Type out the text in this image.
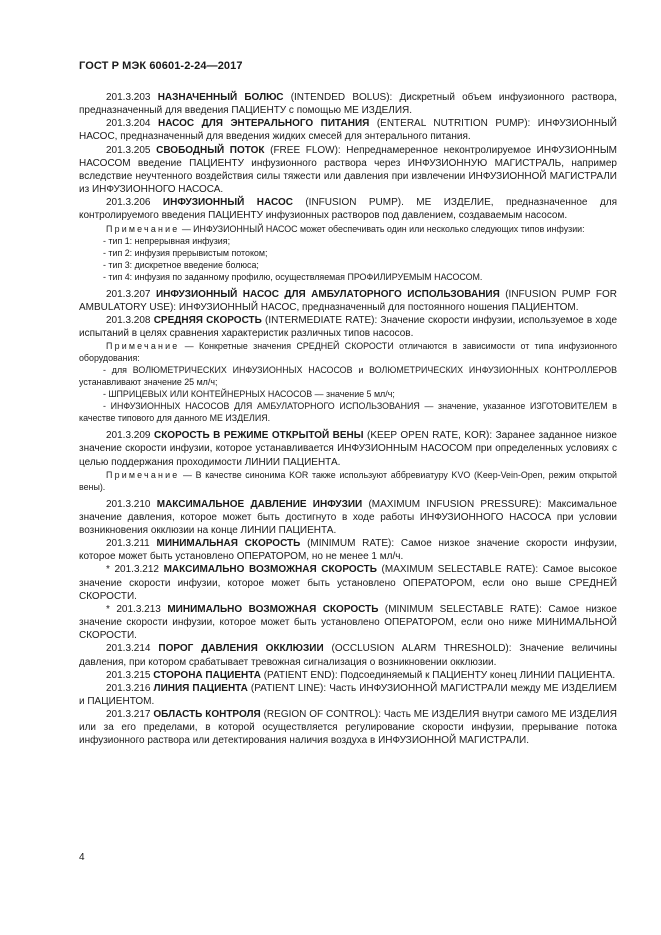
ГОСТ Р МЭК 60601-2-24—2017

201.3.203 НАЗНАЧЕННЫЙ БОЛЮС (INTENDED BOLUS): Дискретный объем инфузионного раствора, предназначенный для введения ПАЦИЕНТУ с помощью МЕ ИЗДЕЛИЯ.

201.3.204 НАСОС ДЛЯ ЭНТЕРАЛЬНОГО ПИТАНИЯ (ENTERAL NUTRITION PUMP): ИНФУЗИОННЫЙ НАСОС, предназначенный для введения жидких смесей для энтерального питания.

201.3.205 СВОБОДНЫЙ ПОТОК (FREE FLOW): Непреднамеренное неконтролируемое ИНФУЗИОННЫМ НАСОСОМ введение ПАЦИЕНТУ инфузионного раствора через ИНФУЗИОННУЮ МАГИСТРАЛЬ, например вследствие неучтенного воздействия силы тяжести или давления при извлечении ИНФУЗИОННОЙ МАГИСТРАЛИ из ИНФУЗИОННОГО НАСОСА.

201.3.206 ИНФУЗИОННЫЙ НАСОС (INFUSION PUMP). МЕ ИЗДЕЛИЕ, предназначенное для контролируемого введения ПАЦИЕНТУ инфузионных растворов под давлением, создаваемым насосом.

Примечание — ИНФУЗИОННЫЙ НАСОС может обеспечивать один или несколько следующих типов инфузии:

- тип 1: непрерывная инфузия;

- тип 2: инфузия прерывистым потоком;

- тип 3: дискретное введение болюса;

- тип 4: инфузия по заданному профилю, осуществляемая ПРОФИЛИРУЕМЫМ НАСОСОМ.

201.3.207 ИНФУЗИОННЫЙ НАСОС ДЛЯ АМБУЛАТОРНОГО ИСПОЛЬЗОВАНИЯ (INFUSION PUMP FOR AMBULATORY USE): ИНФУЗИОННЫЙ НАСОС, предназначенный для постоянного ношения ПАЦИЕНТОМ.

201.3.208 СРЕДНЯЯ СКОРОСТЬ (INTERMEDIATE RATE): Значение скорости инфузии, используемое в ходе испытаний в целях сравнения характеристик различных типов насосов.

Примечание — Конкретные значения СРЕДНЕЙ СКОРОСТИ отличаются в зависимости от типа инфузионного оборудования:

- для ВОЛЮМЕТРИЧЕСКИХ ИНФУЗИОННЫХ НАСОСОВ и ВОЛЮМЕТРИЧЕСКИХ ИНФУЗИОННЫХ КОНТРОЛЛЕРОВ устанавливают значение 25 мл/ч;

- ШПРИЦЕВЫХ ИЛИ КОНТЕЙНЕРНЫХ НАСОСОВ — значение 5 мл/ч;

- ИНФУЗИОННЫХ НАСОСОВ ДЛЯ АМБУЛАТОРНОГО ИСПОЛЬЗОВАНИЯ — значение, указанное ИЗГОТОВИТЕЛЕМ в качестве типового для данного МЕ ИЗДЕЛИЯ.

201.3.209 СКОРОСТЬ В РЕЖИМЕ ОТКРЫТОЙ ВЕНЫ (KEEP OPEN RATE, KOR): Заранее заданное низкое значение скорости инфузии, которое устанавливается ИНФУЗИОННЫМ НАСОСОМ при определенных условиях с целью поддержания проходимости ЛИНИИ ПАЦИЕНТА.

Примечание — В качестве синонима KOR также используют аббревиатуру KVO (Keep-Vein-Open, режим открытой вены).

201.3.210 МАКСИМАЛЬНОЕ ДАВЛЕНИЕ ИНФУЗИИ (MAXIMUM INFUSION PRESSURE): Максимальное значение давления, которое может быть достигнуто в ходе работы ИНФУЗИОННОГО НАСОСА при условии возникновения окклюзии на конце ЛИНИИ ПАЦИЕНТА.

201.3.211 МИНИМАЛЬНАЯ СКОРОСТЬ (MINIMUM RATE): Самое низкое значение скорости инфузии, которое может быть установлено ОПЕРАТОРОМ, но не менее 1 мл/ч.

* 201.3.212 МАКСИМАЛЬНО ВОЗМОЖНАЯ СКОРОСТЬ (MAXIMUM SELECTABLE RATE): Самое высокое значение скорости инфузии, которое может быть установлено ОПЕРАТОРОМ, если оно выше СРЕДНЕЙ СКОРОСТИ.

* 201.3.213 МИНИМАЛЬНО ВОЗМОЖНАЯ СКОРОСТЬ (MINIMUM SELECTABLE RATE): Самое низкое значение скорости инфузии, которое может быть установлено ОПЕРАТОРОМ, если оно ниже МИНИМАЛЬНОЙ СКОРОСТИ.

201.3.214 ПОРОГ ДАВЛЕНИЯ ОККЛЮЗИИ (OCCLUSION ALARM THRESHOLD): Значение величины давления, при котором срабатывает тревожная сигнализация о возникновении окклюзии.

201.3.215 СТОРОНА ПАЦИЕНТА (PATIENT END): Подсоединяемый к ПАЦИЕНТУ конец ЛИНИИ ПАЦИЕНТА.

201.3.216 ЛИНИЯ ПАЦИЕНТА (PATIENT LINE): Часть ИНФУЗИОННОЙ МАГИСТРАЛИ между МЕ ИЗДЕЛИЕМ и ПАЦИЕНТОМ.

201.3.217 ОБЛАСТЬ КОНТРОЛЯ (REGION OF CONTROL): Часть МЕ ИЗДЕЛИЯ внутри самого МЕ ИЗДЕЛИЯ или за его пределами, в которой осуществляется регулирование скорости инфузии, прерывание потока инфузионного раствора или детектирования наличия воздуха в ИНФУЗИОННОЙ МАГИСТРАЛИ.

4
